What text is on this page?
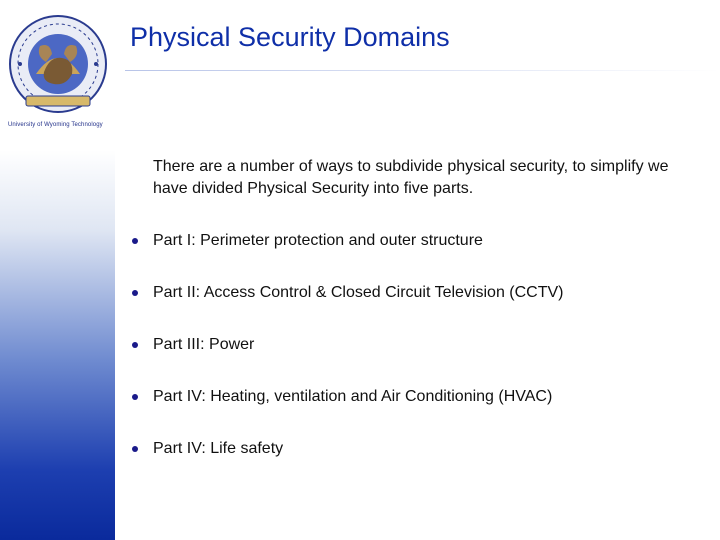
University of Wyoming Technology
Physical Security Domains

There are a number of ways to subdivide physical security, to simplify we have divided Physical Security into five parts.

Part I: Perimeter protection and outer structure
Part II: Access Control & Closed Circuit Television (CCTV)
Part III: Power
Part IV: Heating, ventilation and Air Conditioning (HVAC)
Part IV: Life safety
